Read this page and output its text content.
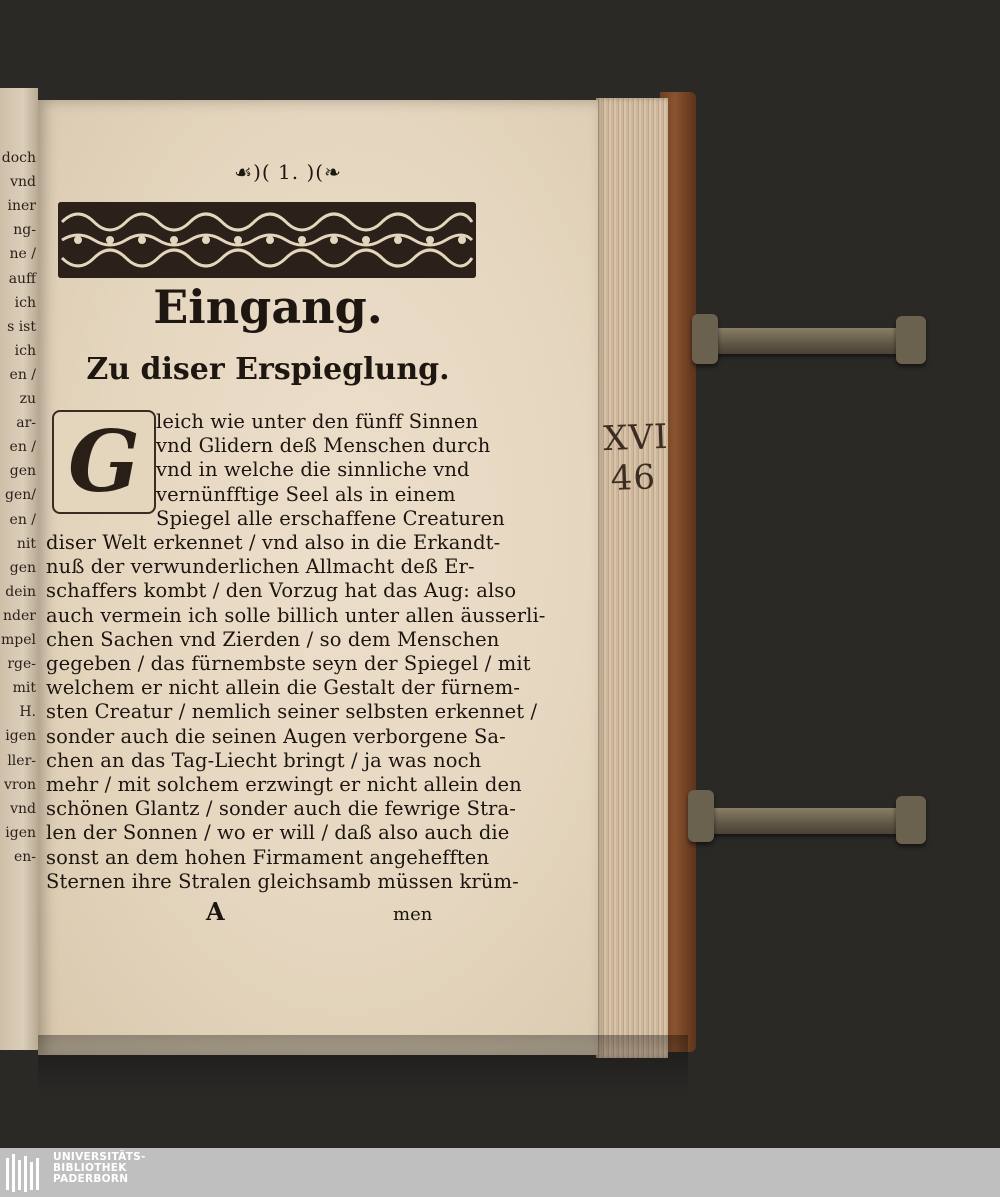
doch
vnd
iner
ng-
ne /
auff
ich
s ist
ich
en /
zu
ar-
en /
gen
gen/
en /
nit
gen
dein
nder
mpel
rge-
mit
H.
igen
ller-
vron
vnd
igen
en-
XVI
46
☙)( 1. )(❧
Eingang.
Zu diser Erspieglung.
G leich wie unter den fünff Sinnen
vnd Glidern deß Menschen durch
vnd in welche die sinnliche vnd
vernünfftige Seel als in einem
Spiegel alle erschaffene Creaturen
diser Welt erkennet / vnd also in die Erkandt-
nuß der verwunderlichen Allmacht deß Er-
schaffers kombt / den Vorzug hat das Aug: also
auch vermein ich solle billich unter allen äusserli-
chen Sachen vnd Zierden / so dem Menschen
gegeben / das fürnembste seyn der Spiegel / mit
welchem er nicht allein die Gestalt der fürnem-
sten Creatur / nemlich seiner selbsten erkennet /
sonder auch die seinen Augen verborgene Sa-
chen an das Tag-Liecht bringt / ja was noch
mehr / mit solchem erzwingt er nicht allein den
schönen Glantz / sonder auch die fewrige Stra-
len der Sonnen / wo er will / daß also auch die
sonst an dem hohen Firmament angehefften
Sternen ihre Stralen gleichsamb müssen krüm-
A	men
UNIVERSITÄTS-
BIBLIOTHEK
PADERBORN
